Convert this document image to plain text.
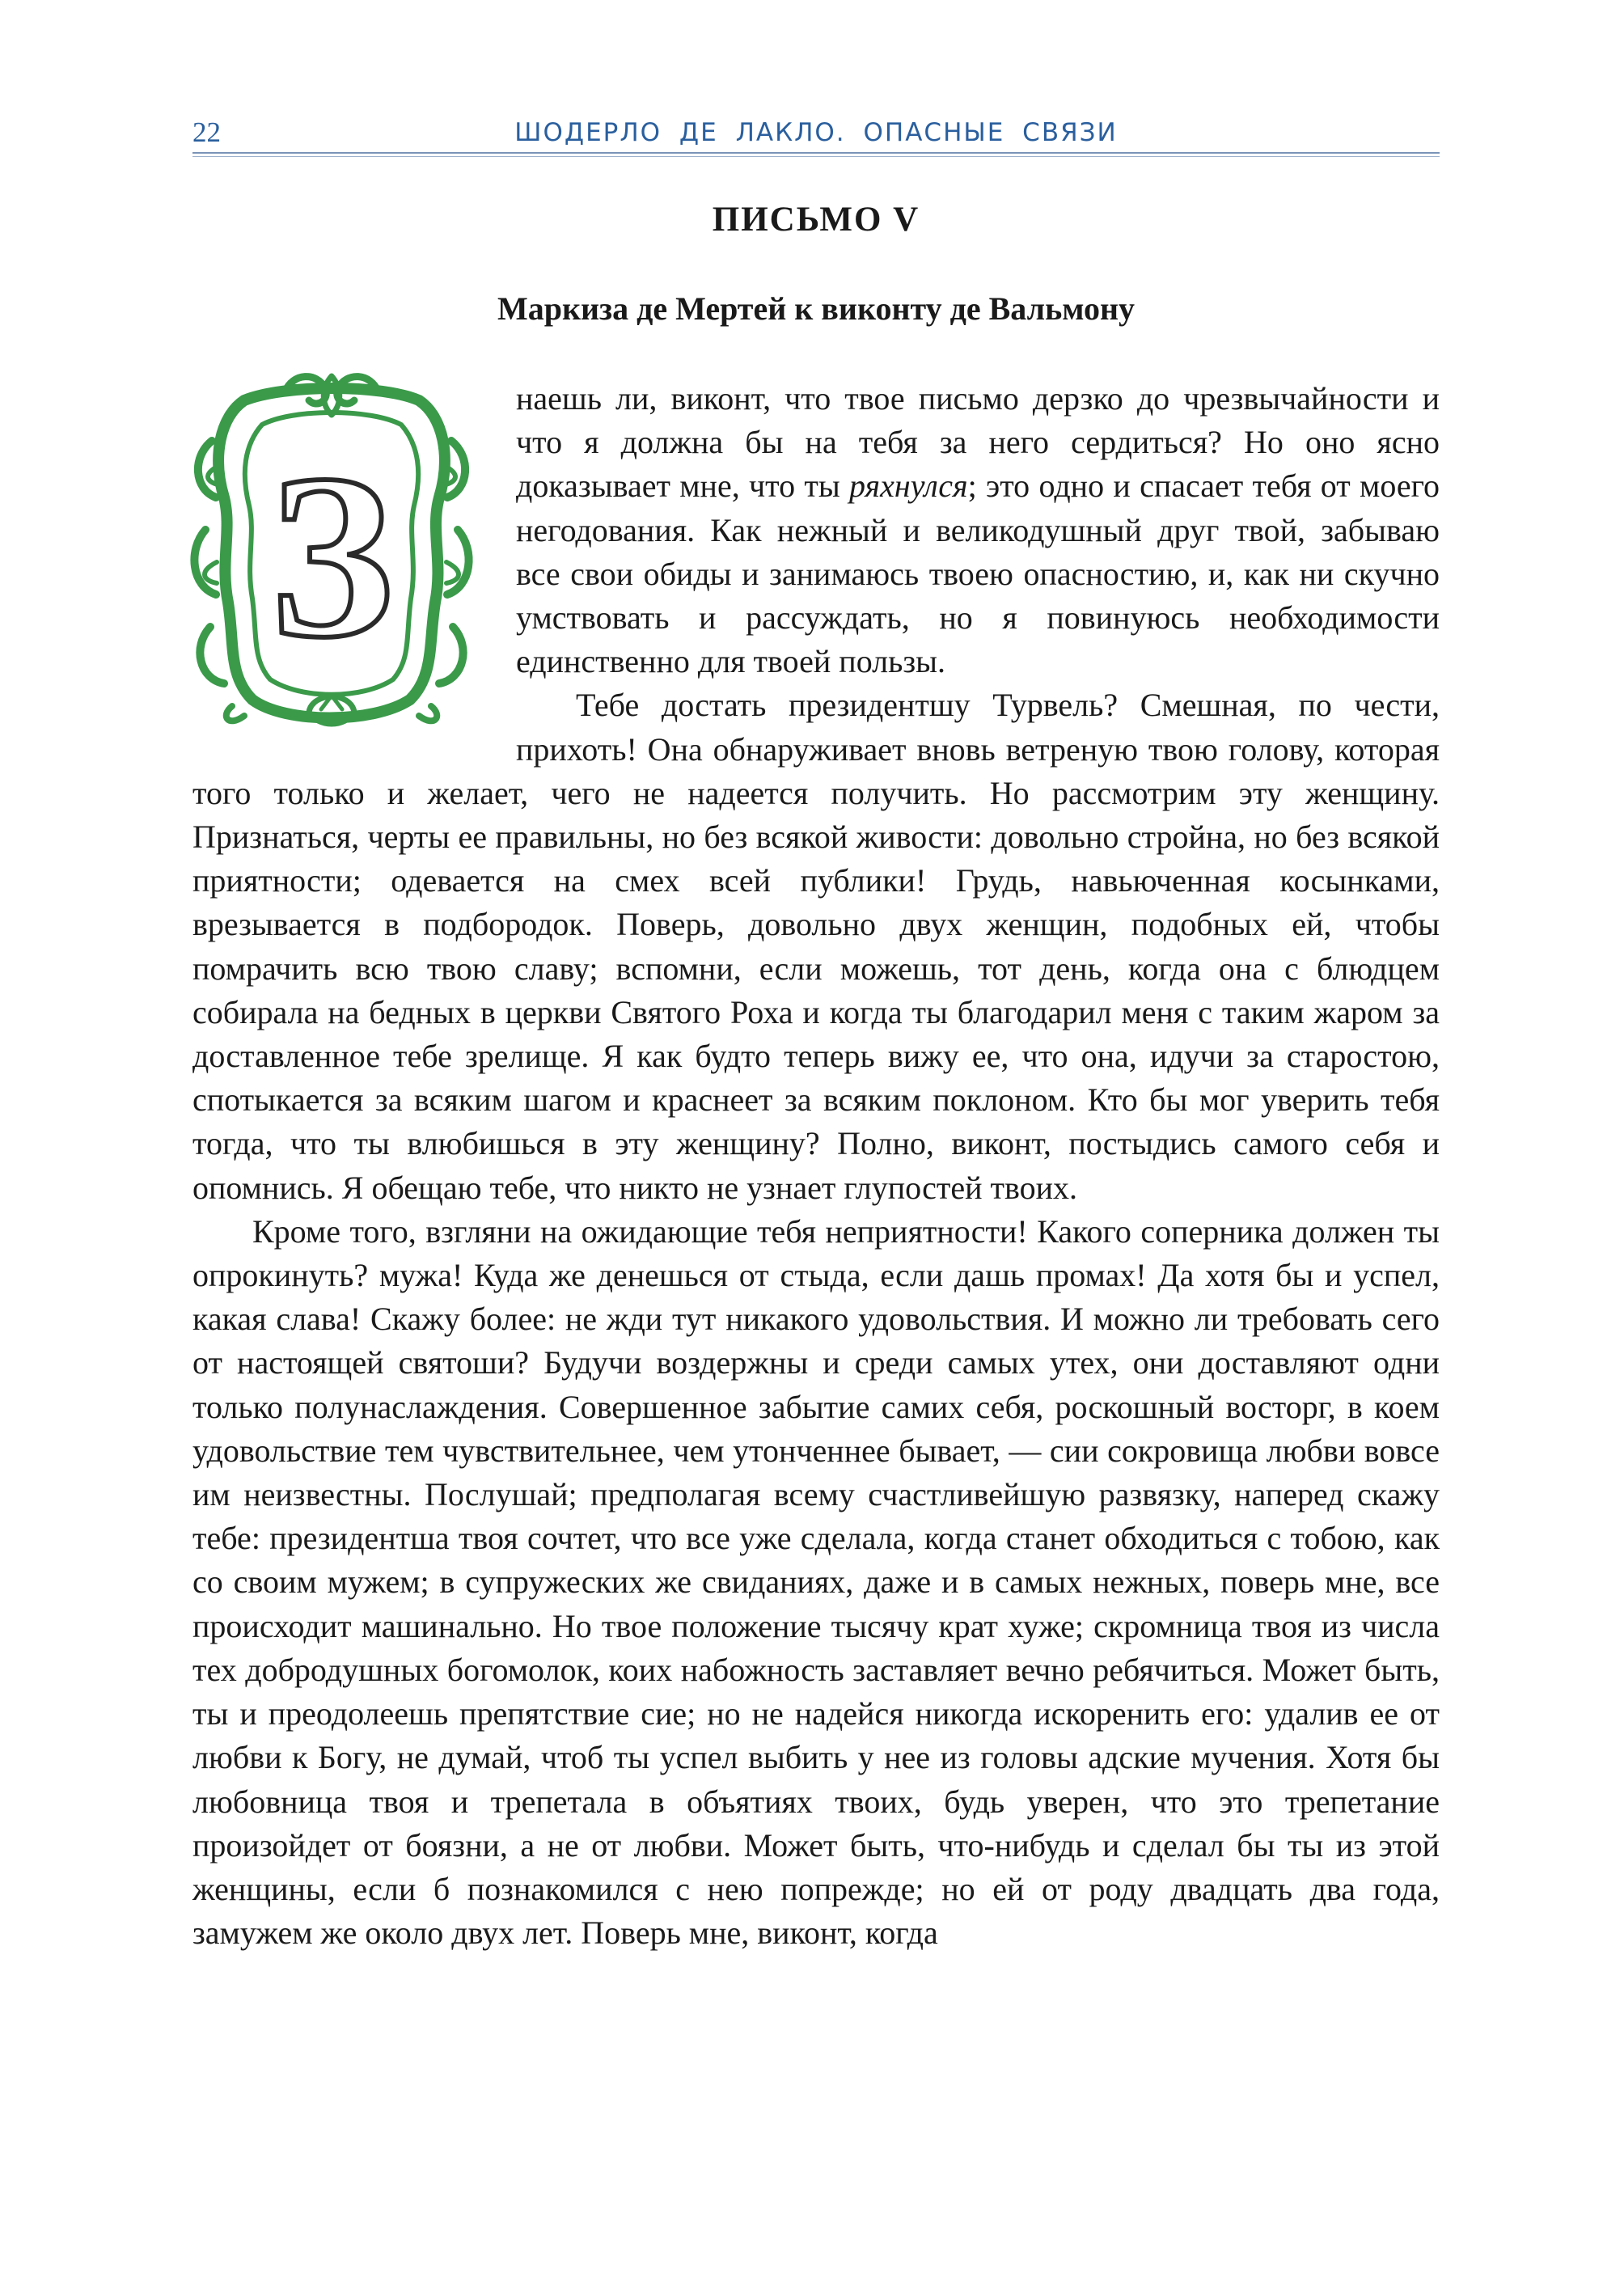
22	ШОДЕРЛО ДЕ ЛАКЛО. ОПАСНЫЕ СВЯЗИ
ПИСЬМО V
Маркиза де Мертей к виконту де Вальмону
З

наешь ли, виконт, что твое письмо дерзко до чрезвычайности и что я должна бы на тебя за него сердиться? Но оно ясно доказывает мне, что ты ряхнулся; это одно и спасает тебя от моего негодования. Как нежный и великодушный друг твой, забываю все свои обиды и занимаюсь твоею опасностию, и, как ни скучно умствовать и рассуждать, но я повинуюсь необходимости единственно для твоей пользы.

Тебе достать президентшу Турвель? Смешная, по чести, прихоть! Она обнаруживает вновь ветреную твою голову, которая того только и желает, чего не надеется получить. Но рассмотрим эту женщину. Признаться, черты ее правильны, но без всякой живости: довольно стройна, но без всякой приятности; одевается на смех всей публики! Грудь, навьюченная косынками, врезывается в подбородок. Поверь, довольно двух женщин, подобных ей, чтобы помрачить всю твою славу; вспомни, если можешь, тот день, когда она с блюдцем собирала на бедных в церкви Святого Роха и когда ты благодарил меня с таким жаром за доставленное тебе зрелище. Я как будто теперь вижу ее, что она, идучи за старостою, спотыкается за всяким шагом и краснеет за всяким поклоном. Кто бы мог уверить тебя тогда, что ты влюбишься в эту женщину? Полно, виконт, постыдись самого себя и опомнись. Я обещаю тебе, что никто не узнает глупостей твоих.

Кроме того, взгляни на ожидающие тебя неприятности! Какого соперника должен ты опрокинуть? мужа! Куда же денешься от стыда, если дашь промах! Да хотя бы и успел, какая слава! Скажу более: не жди тут никакого удовольствия. И можно ли требовать сего от настоящей святоши? Будучи воздержны и среди самых утех, они доставляют одни только полунаслаждения. Совершенное забытие самих себя, роскошный восторг, в коем удовольствие тем чувствительнее, чем утонченнее бывает, — сии сокровища любви вовсе им неизвестны. Послушай; предполагая всему счастливейшую развязку, наперед скажу тебе: президентша твоя сочтет, что все уже сделала, когда станет обходиться с тобою, как со своим мужем; в супружеских же свиданиях, даже и в самых нежных, поверь мне, все происходит машинально. Но твое положение тысячу крат хуже; скромница твоя из числа тех добродушных богомолок, коих набожность заставляет вечно ребячиться. Может быть, ты и преодолеешь препятствие сие; но не надейся никогда искоренить его: удалив ее от любви к Богу, не думай, чтоб ты успел выбить у нее из головы адские мучения. Хотя бы любовница твоя и трепетала в объятиях твоих, будь уверен, что это трепетание произойдет от боязни, а не от любви. Может быть, что-нибудь и сделал бы ты из этой женщины, если б познакомился с нею попрежде; но ей от роду двадцать два года, замужем же около двух лет. Поверь мне, виконт, когда
